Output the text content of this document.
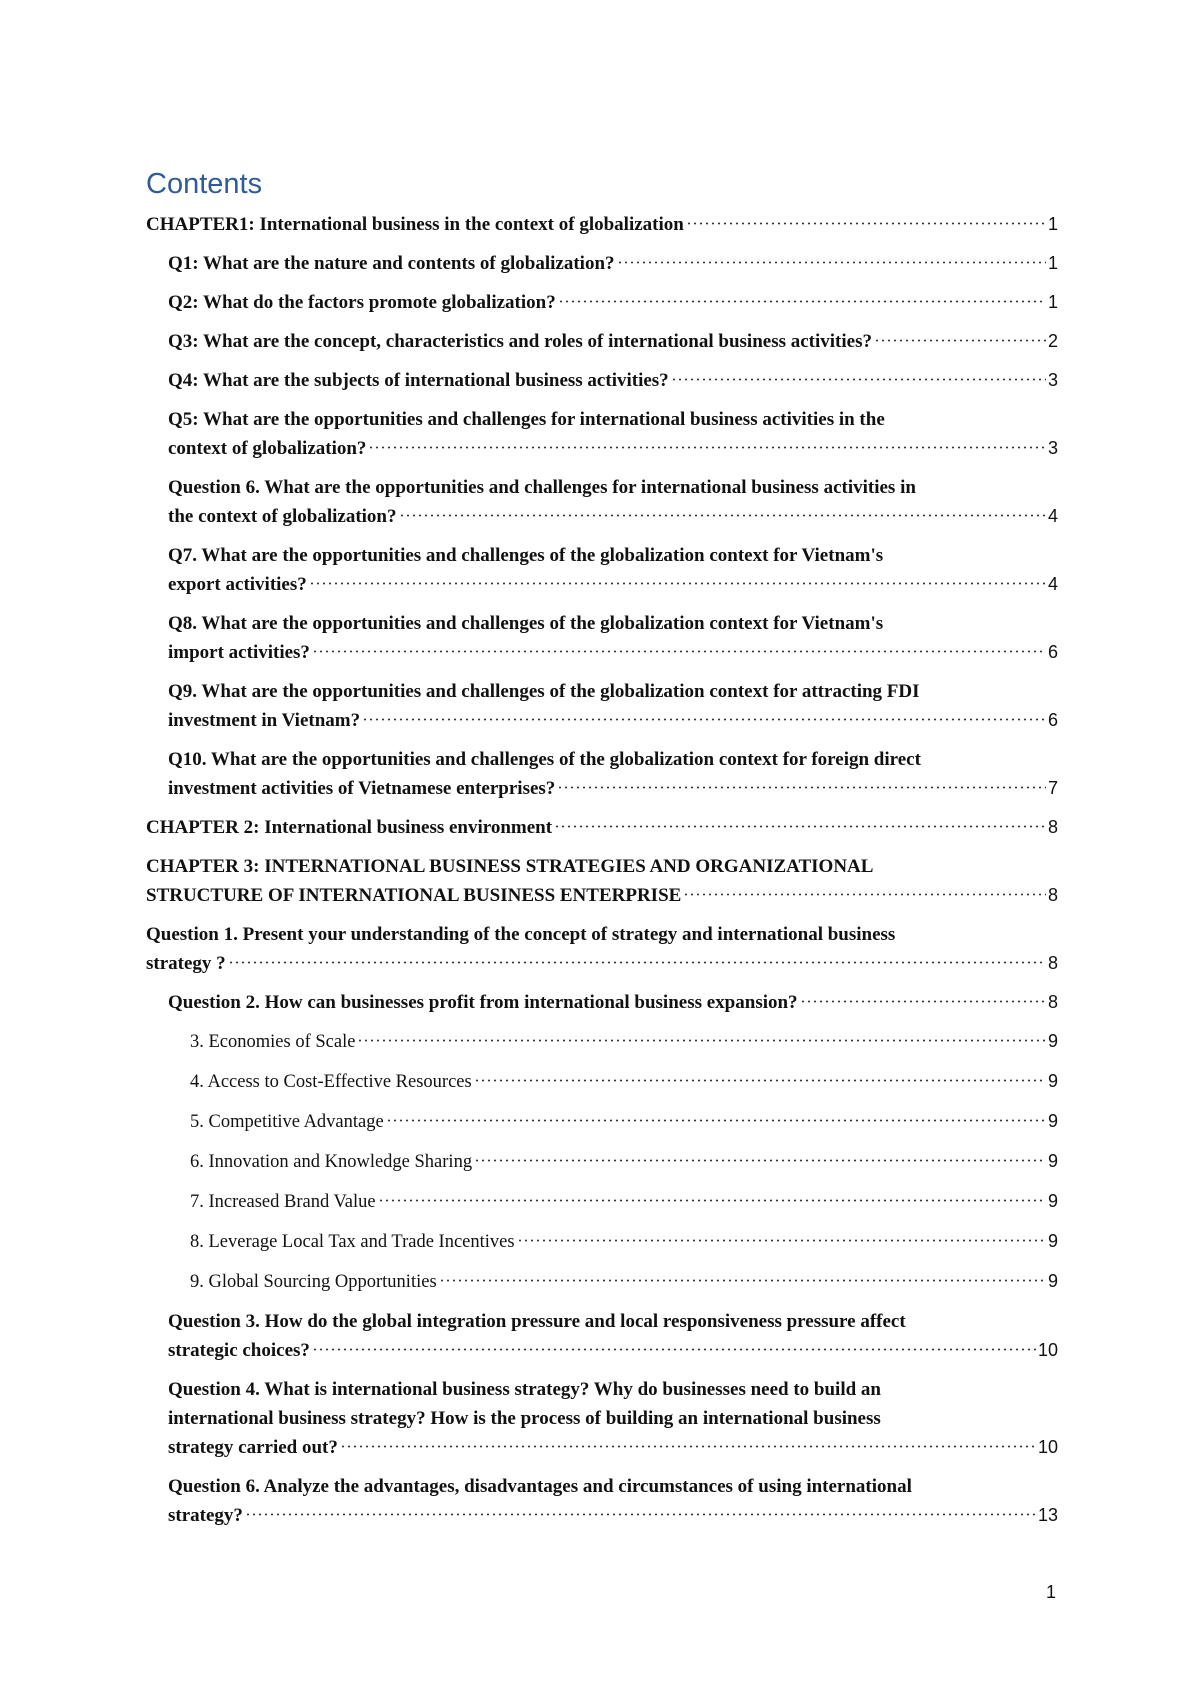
Contents
CHAPTER1: International business in the context of globalization	1
Q1: What are the nature and contents of globalization?	1
Q2: What do the factors promote globalization?	1
Q3: What are the concept, characteristics and roles of international business activities?	2
Q4: What are the subjects of international business activities?	3
Q5: What are the opportunities and challenges for international business activities in the
context of globalization?	3
Question 6. What are the opportunities and challenges for international business activities in
the context of globalization?	4
Q7. What are the opportunities and challenges of the globalization context for Vietnam's
export activities?	4
Q8. What are the opportunities and challenges of the globalization context for Vietnam's
import activities?	6
Q9. What are the opportunities and challenges of the globalization context for attracting FDI
investment in Vietnam?	6
Q10. What are the opportunities and challenges of the globalization context for foreign direct
investment activities of Vietnamese enterprises?	7
CHAPTER 2: International business environment	8
CHAPTER 3: INTERNATIONAL BUSINESS STRATEGIES AND ORGANIZATIONAL
STRUCTURE OF INTERNATIONAL BUSINESS ENTERPRISE	8
Question 1. Present your understanding of the concept of strategy and international business
strategy ?	8
Question 2. How can businesses profit from international business expansion?	8
3. Economies of Scale	9
4. Access to Cost-Effective Resources	9
5. Competitive Advantage	9
6. Innovation and Knowledge Sharing	9
7. Increased Brand Value	9
8. Leverage Local Tax and Trade Incentives	9
9. Global Sourcing Opportunities	9
Question 3. How do the global integration pressure and local responsiveness pressure affect
strategic choices?	10
Question 4. What is international business strategy? Why do businesses need to build an
international business strategy? How is the process of building an international business
strategy carried out?	10
Question 6. Analyze the advantages, disadvantages and circumstances of using international
strategy?	13
1
